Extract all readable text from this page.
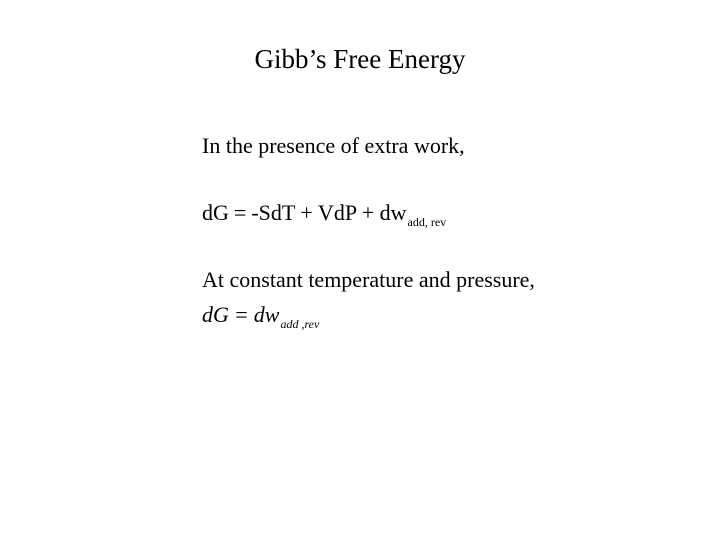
Gibb’s Free Energy
In the presence of extra work,
dG = -SdT + VdP + $dw_{add, rev}$
At constant temperature and pressure,
dG = $dw_{add ,rev}$
